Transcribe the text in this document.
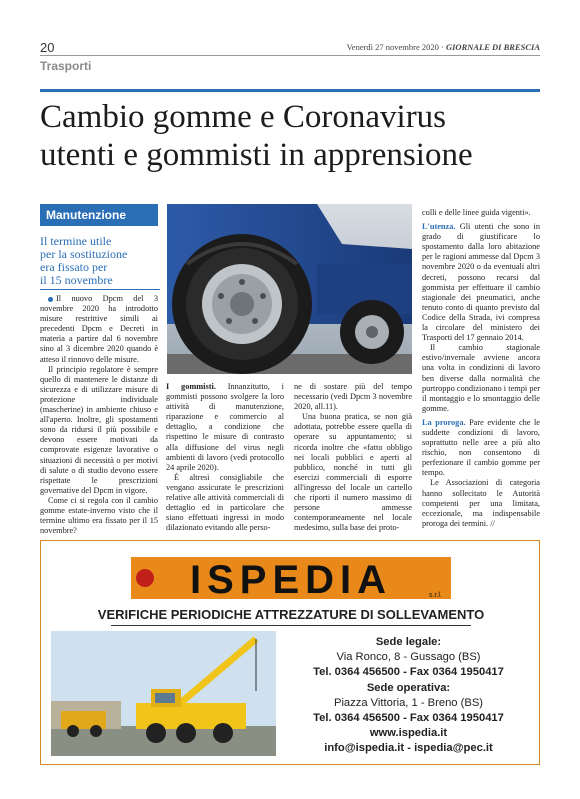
20	Venerdì 27 novembre 2020 · GIORNALE DI BRESCIA
Trasporti
Cambio gomme e Coronavirus
utenti e gommisti in apprensione
Manutenzione
Il termine utile
per la sostituzione
era fissato per
il 15 novembre

Il nuovo Dpcm del 3 novembre 2020 ha introdotto misure restrittive simili ai precedenti Dpcm e Decreti in materia a partire dal 6 novembre sino al 3 dicembre 2020 quando è atteso il rinnovo delle misure.

Il principio regolatore è sempre quello di mantenere le distanze di sicurezza e di utilizzare misure di protezione individuale (mascherine) in ambiente chiuso e all'aperto. Inoltre, gli spostamenti sono da ridursi il più possibile e devono essere motivati da comprovate esigenze lavorative o situazioni di necessità o per motivi di salute o di studio devono essere rispettate le prescrizioni governative del Dpcm in vigore.

Come ci si regola con il cambio gomme estate-inverno visto che il termine ultimo era fissato per il 15 novembre?

I gommisti. Innanzitutto, i gommisti possono svolgere la loro attività di manutenzione, riparazione e commercio al dettaglio, a condizione che rispettino le misure di contrasto alla diffusione del virus negli ambienti di lavoro (vedi protocollo 24 aprile 2020).

È altresì consigliabile che vengano assicurate le prescrizioni relative alle attività commerciali di dettaglio ed in particolare che siano effettuati ingressi in modo dilazionato evitando alle perso-

ne di sostare più del tempo necessario (vedi Dpcm 3 novembre 2020, all.11).

Una buona pratica, se non già adottata, potrebbe essere quella di operare su appuntamento; si ricorda inoltre che «fatto obbligo nei locali pubblici e aperti al pubblico, nonché in tutti gli esercizi commerciali di esporre all'ingresso del locale un cartello che riporti il numero massimo di persone ammesse contemporaneamente nel locale medesimo, sulla base dei proto-

colli e delle linee guida vigenti».

L'utenza. Gli utenti che sono in grado di giustificare lo spostamento dalla loro abitazione per le ragioni ammesse dal Dpcm 3 novembre 2020 o da eventuali altri decreti, possono recarsi dal gommista per effettuare il cambio stagionale dei pneumatici, anche tenuto conto di quanto previsto dal Codice della Strada, ivi compresa la circolare del ministero dei Trasporti del 17 gennaio 2014.

Il cambio stagionale estivo/invernale avviene ancora una volta in condizioni di lavoro ben diverse dalla normalità che purtroppo condizionano i tempi per il montaggio e lo smontaggio delle gomme.

La proroga. Pare evidente che le suddette condizioni di lavoro, soprattutto nelle aree a più alto rischio, non consentono di perfezionare il cambio gomme per tempo.

Le Associazioni di categoria hanno sollecitato le Autorità competenti per una limitata, eccezionale, ma indispensabile proroga dei termini. //

ISPEDIA	s.r.l.
VERIFICHE PERIODICHE ATTREZZATURE DI SOLLEVAMENTO
Sede legale:
Via Ronco, 8 - Gussago (BS)
Tel. 0364 456500 - Fax 0364 1950417
Sede operativa:
Piazza Vittoria, 1 - Breno (BS)
Tel. 0364 456500 - Fax 0364 1950417
www.ispedia.it
info@ispedia.it - ispedia@pec.it
